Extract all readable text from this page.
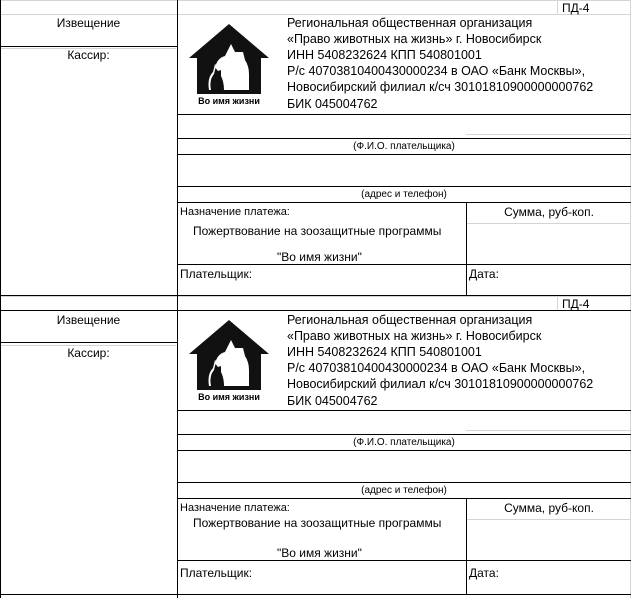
Извещение
Кассир:
ПД-4
Во имя жизни
Региональная общественная организация
«Право животных на жизнь» г. Новосибирск
ИНН 5408232624 КПП 540801001
Р/с 40703810400430000234 в ОАО «Банк Москвы»,
Новосибирский филиал к/сч 30101810900000000762
БИК 045004762
(Ф.И.О. плательщика)
(адрес и телефон)
Назначение платежа:	Сумма, руб-коп.
Пожертвование на зоозащитные программы
"Во имя жизни"
Плательщик:	Дата:
Извещение
Кассир:
ПД-4
Во имя жизни
Региональная общественная организация
«Право животных на жизнь» г. Новосибирск
ИНН 5408232624 КПП 540801001
Р/с 40703810400430000234 в ОАО «Банк Москвы»,
Новосибирский филиал к/сч 30101810900000000762
БИК 045004762
(Ф.И.О. плательщика)
(адрес и телефон)
Назначение платежа:	Сумма, руб-коп.
Пожертвование на зоозащитные программы
"Во имя жизни"
Плательщик:	Дата:
